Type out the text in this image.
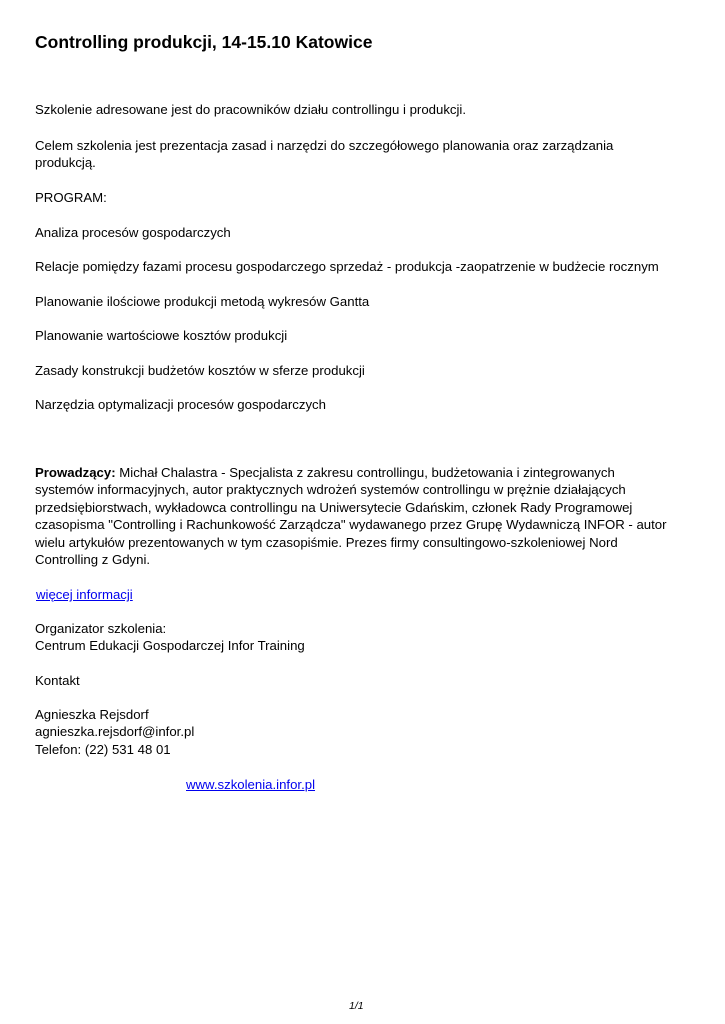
Controlling produkcji, 14-15.10 Katowice

Szkolenie adresowane jest do pracowników działu controllingu i produkcji.

Celem szkolenia jest prezentacja zasad i narzędzi do szczegółowego planowania oraz zarządzania
produkcją.

PROGRAM:

Analiza procesów gospodarczych

Relacje pomiędzy fazami procesu gospodarczego sprzedaż - produkcja -zaopatrzenie w budżecie rocznym

Planowanie ilościowe produkcji metodą wykresów Gantta

Planowanie wartościowe kosztów produkcji

Zasady konstrukcji budżetów kosztów w sferze produkcji

Narzędzia optymalizacji procesów gospodarczych

Prowadzący: Michał Chalastra - Specjalista z zakresu controllingu, budżetowania i zintegrowanych
systemów informacyjnych, autor praktycznych wdrożeń systemów controllingu w prężnie działających
przedsiębiorstwach, wykładowca controllingu na Uniwersytecie Gdańskim, członek Rady Programowej
czasopisma "Controlling i Rachunkowość Zarządcza" wydawanego przez Grupę Wydawniczą INFOR - autor
wielu artykułów prezentowanych w tym czasopiśmie. Prezes firmy consultingowo-szkoleniowej Nord
Controlling z Gdyni.

więcej informacji

Organizator szkolenia:
Centrum Edukacji Gospodarczej Infor Training

Kontakt

Agnieszka Rejsdorf
agnieszka.rejsdorf@infor.pl
Telefon: (22) 531 48 01

www.szkolenia.infor.pl

1/1
